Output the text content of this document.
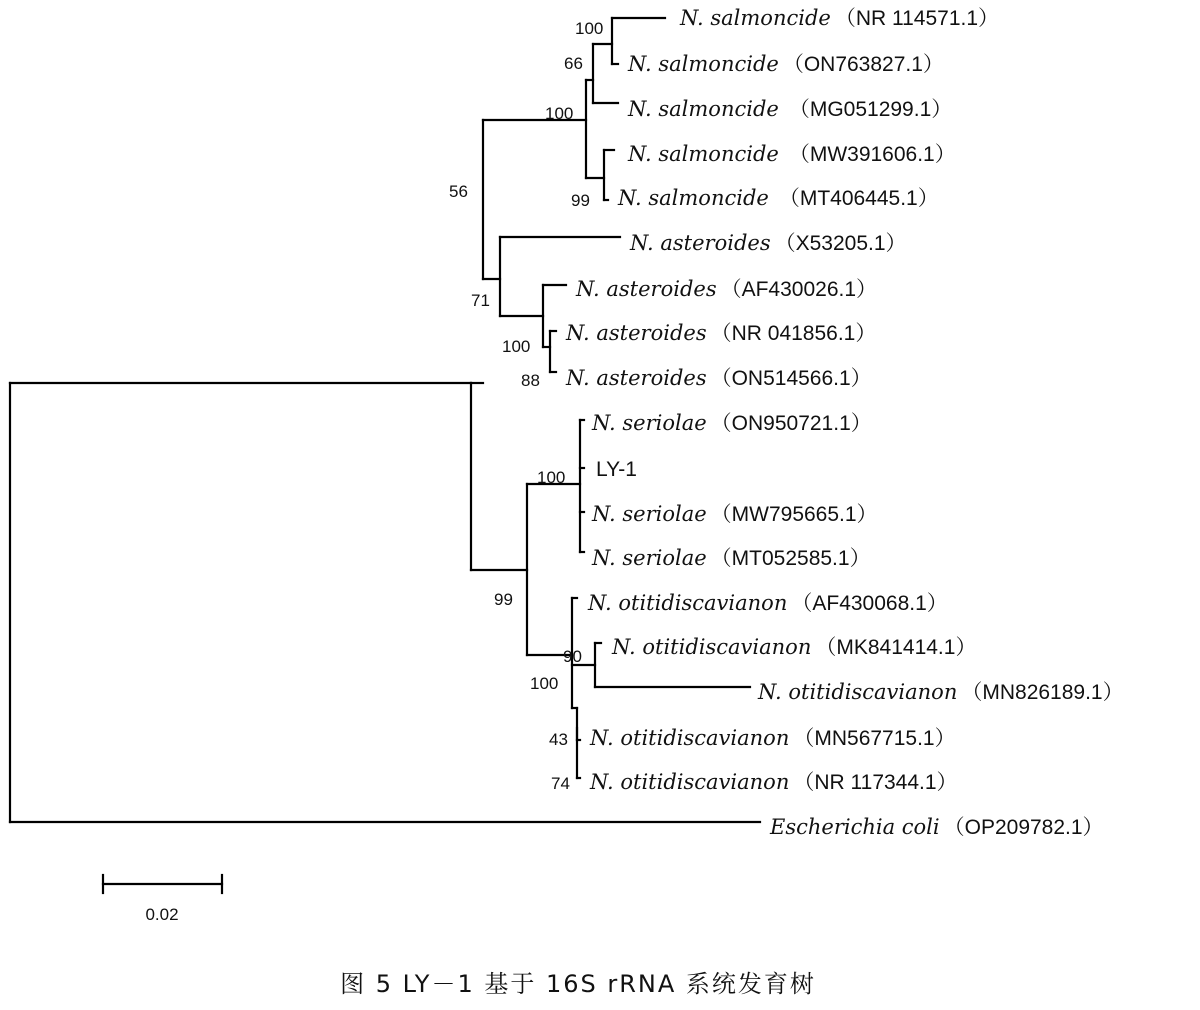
N. salmoncide （NR 114571.1）
N. salmoncide （ON763827.1）
N. salmoncide （MG051299.1）
N. salmoncide （MW391606.1）
N. salmoncide （MT406445.1）
N. asteroides （X53205.1）
N. asteroides （AF430026.1）
N. asteroides （NR 041856.1）
N. asteroides （ON514566.1）
N. seriolae （ON950721.1）
LY-1
N. seriolae （MW795665.1）
N. seriolae （MT052585.1）
N. otitidiscavianon （AF430068.1）
N. otitidiscavianon （MK841414.1）
N. otitidiscavianon （MN826189.1）
N. otitidiscavianon （MN567715.1）
N. otitidiscavianon （NR 117344.1）
Escherichia coli （OP209782.1）
100
66
100
99
56
71
100
88
100
99
90
100
43
74
0.02
图 5 LY－1 基于 16S rRNA 系统发育树
